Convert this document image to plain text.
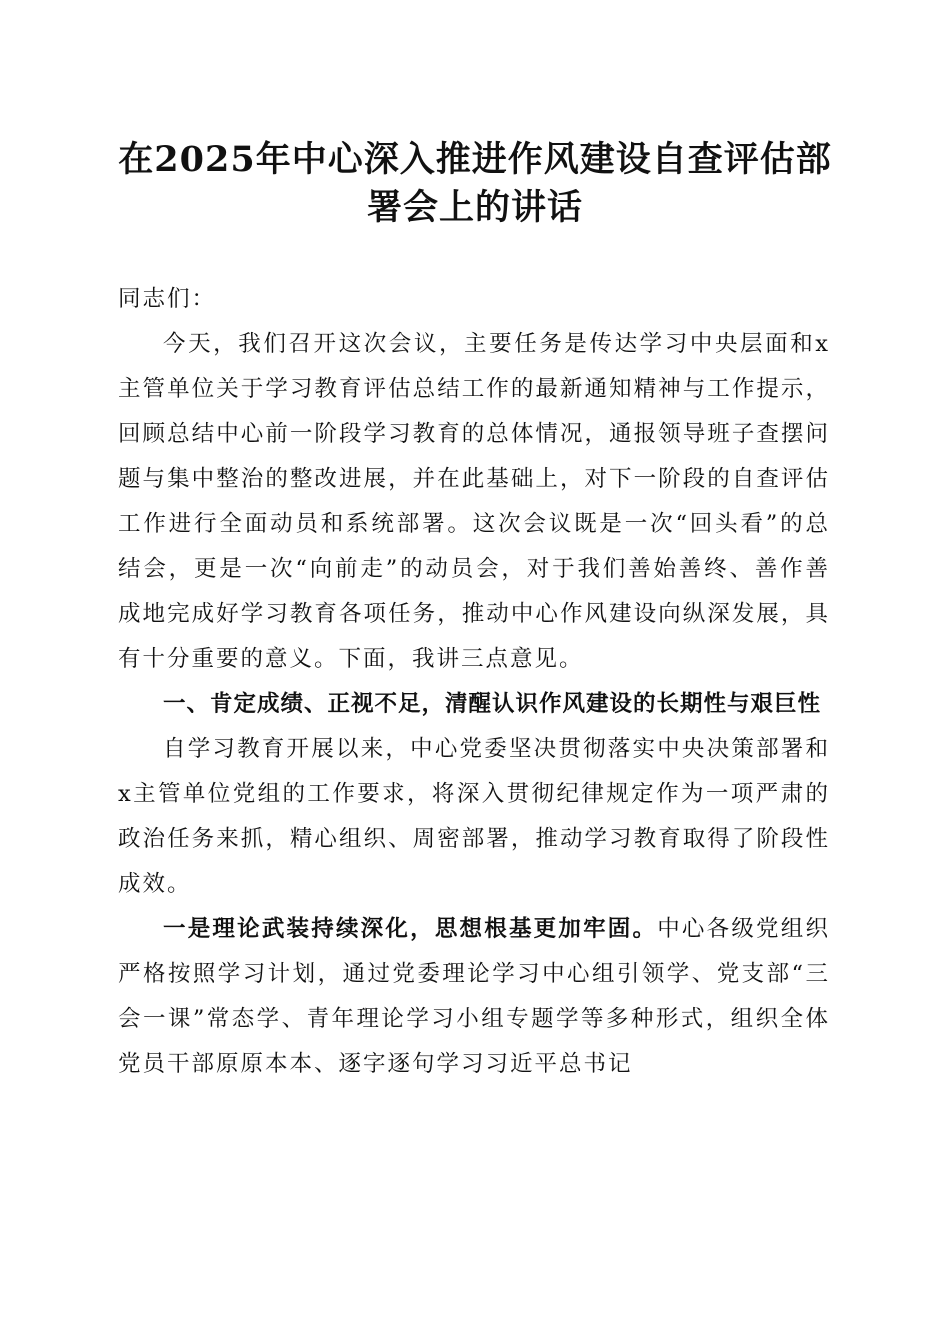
在2025年中心深入推进作风建设自查评估部署会上的讲话

同志们：

今天，我们召开这次会议，主要任务是传达学习中央层面和x主管单位关于学习教育评估总结工作的最新通知精神与工作提示，回顾总结中心前一阶段学习教育的总体情况，通报领导班子查摆问题与集中整治的整改进展，并在此基础上，对下一阶段的自查评估工作进行全面动员和系统部署。这次会议既是一次“回头看”的总结会，更是一次“向前走”的动员会，对于我们善始善终、善作善成地完成好学习教育各项任务，推动中心作风建设向纵深发展，具有十分重要的意义。下面，我讲三点意见。

一、肯定成绩、正视不足，清醒认识作风建设的长期性与艰巨性

自学习教育开展以来，中心党委坚决贯彻落实中央决策部署和x主管单位党组的工作要求，将深入贯彻纪律规定作为一项严肃的政治任务来抓，精心组织、周密部署，推动学习教育取得了阶段性成效。

一是理论武装持续深化，思想根基更加牢固。中心各级党组织严格按照学习计划，通过党委理论学习中心组引领学、党支部“三会一课”常态学、青年理论学习小组专题学等多种形式，组织全体党员干部原原本本、逐字逐句学习习近平总书记
